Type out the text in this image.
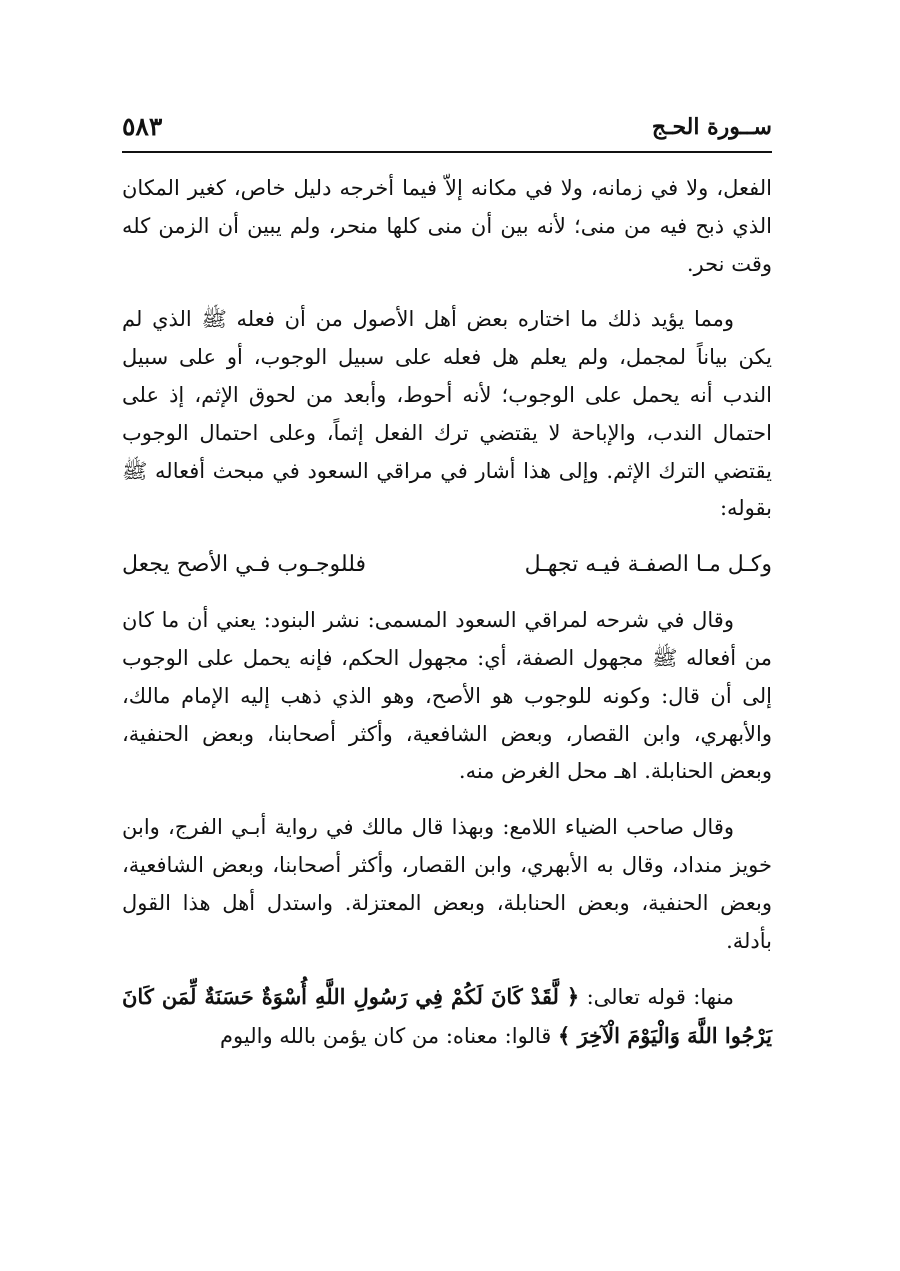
ســورة الحـج
٥٨٣

الفعل، ولا في زمانه، ولا في مكانه إلاّ فيما أخرجه دليل خاص، كغير المكان الذي ذبح فيه من منى؛ لأنه بين أن منى كلها منحر، ولم يبين أن الزمن كله وقت نحر.

ومما يؤيد ذلك ما اختاره بعض أهل الأصول من أن فعله ﷺ الذي لم يكن بياناً لمجمل، ولم يعلم هل فعله على سبيل الوجوب، أو على سبيل الندب أنه يحمل على الوجوب؛ لأنه أحوط، وأبعد من لحوق الإثم، إذ على احتمال الندب، والإباحة لا يقتضي ترك الفعل إثماً، وعلى احتمال الوجوب يقتضي الترك الإثم. وإلى هذا أشار في مراقي السعود في مبحث أفعاله ﷺ بقوله:

وكـل مـا الصفـة فيـه تجهـل
فللوجـوب فـي الأصح يجعل

وقال في شرحه لمراقي السعود المسمى: نشر البنود: يعني أن ما كان من أفعاله ﷺ مجهول الصفة، أي: مجهول الحكم، فإنه يحمل على الوجوب إلى أن قال: وكونه للوجوب هو الأصح، وهو الذي ذهب إليه الإمام مالك، والأبهري، وابن القصار، وبعض الشافعية، وأكثر أصحابنا، وبعض الحنفية، وبعض الحنابلة. اهـ محل الغرض منه.

وقال صاحب الضياء اللامع: وبهذا قال مالك في رواية أبـي الفرج، وابن خويز منداد، وقال به الأبهري، وابن القصار، وأكثر أصحابنا، وبعض الشافعية، وبعض الحنفية، وبعض الحنابلة، وبعض المعتزلة. واستدل أهل هذا القول بأدلة.

منها: قوله تعالى: ﴿ لَّقَدْ كَانَ لَكُمْ فِي رَسُولِ اللَّهِ أُسْوَةٌ حَسَنَةٌ لِّمَن كَانَ يَرْجُوا اللَّهَ وَالْيَوْمَ الْآخِرَ ﴾ قالوا: معناه: من كان يؤمن بالله واليوم
